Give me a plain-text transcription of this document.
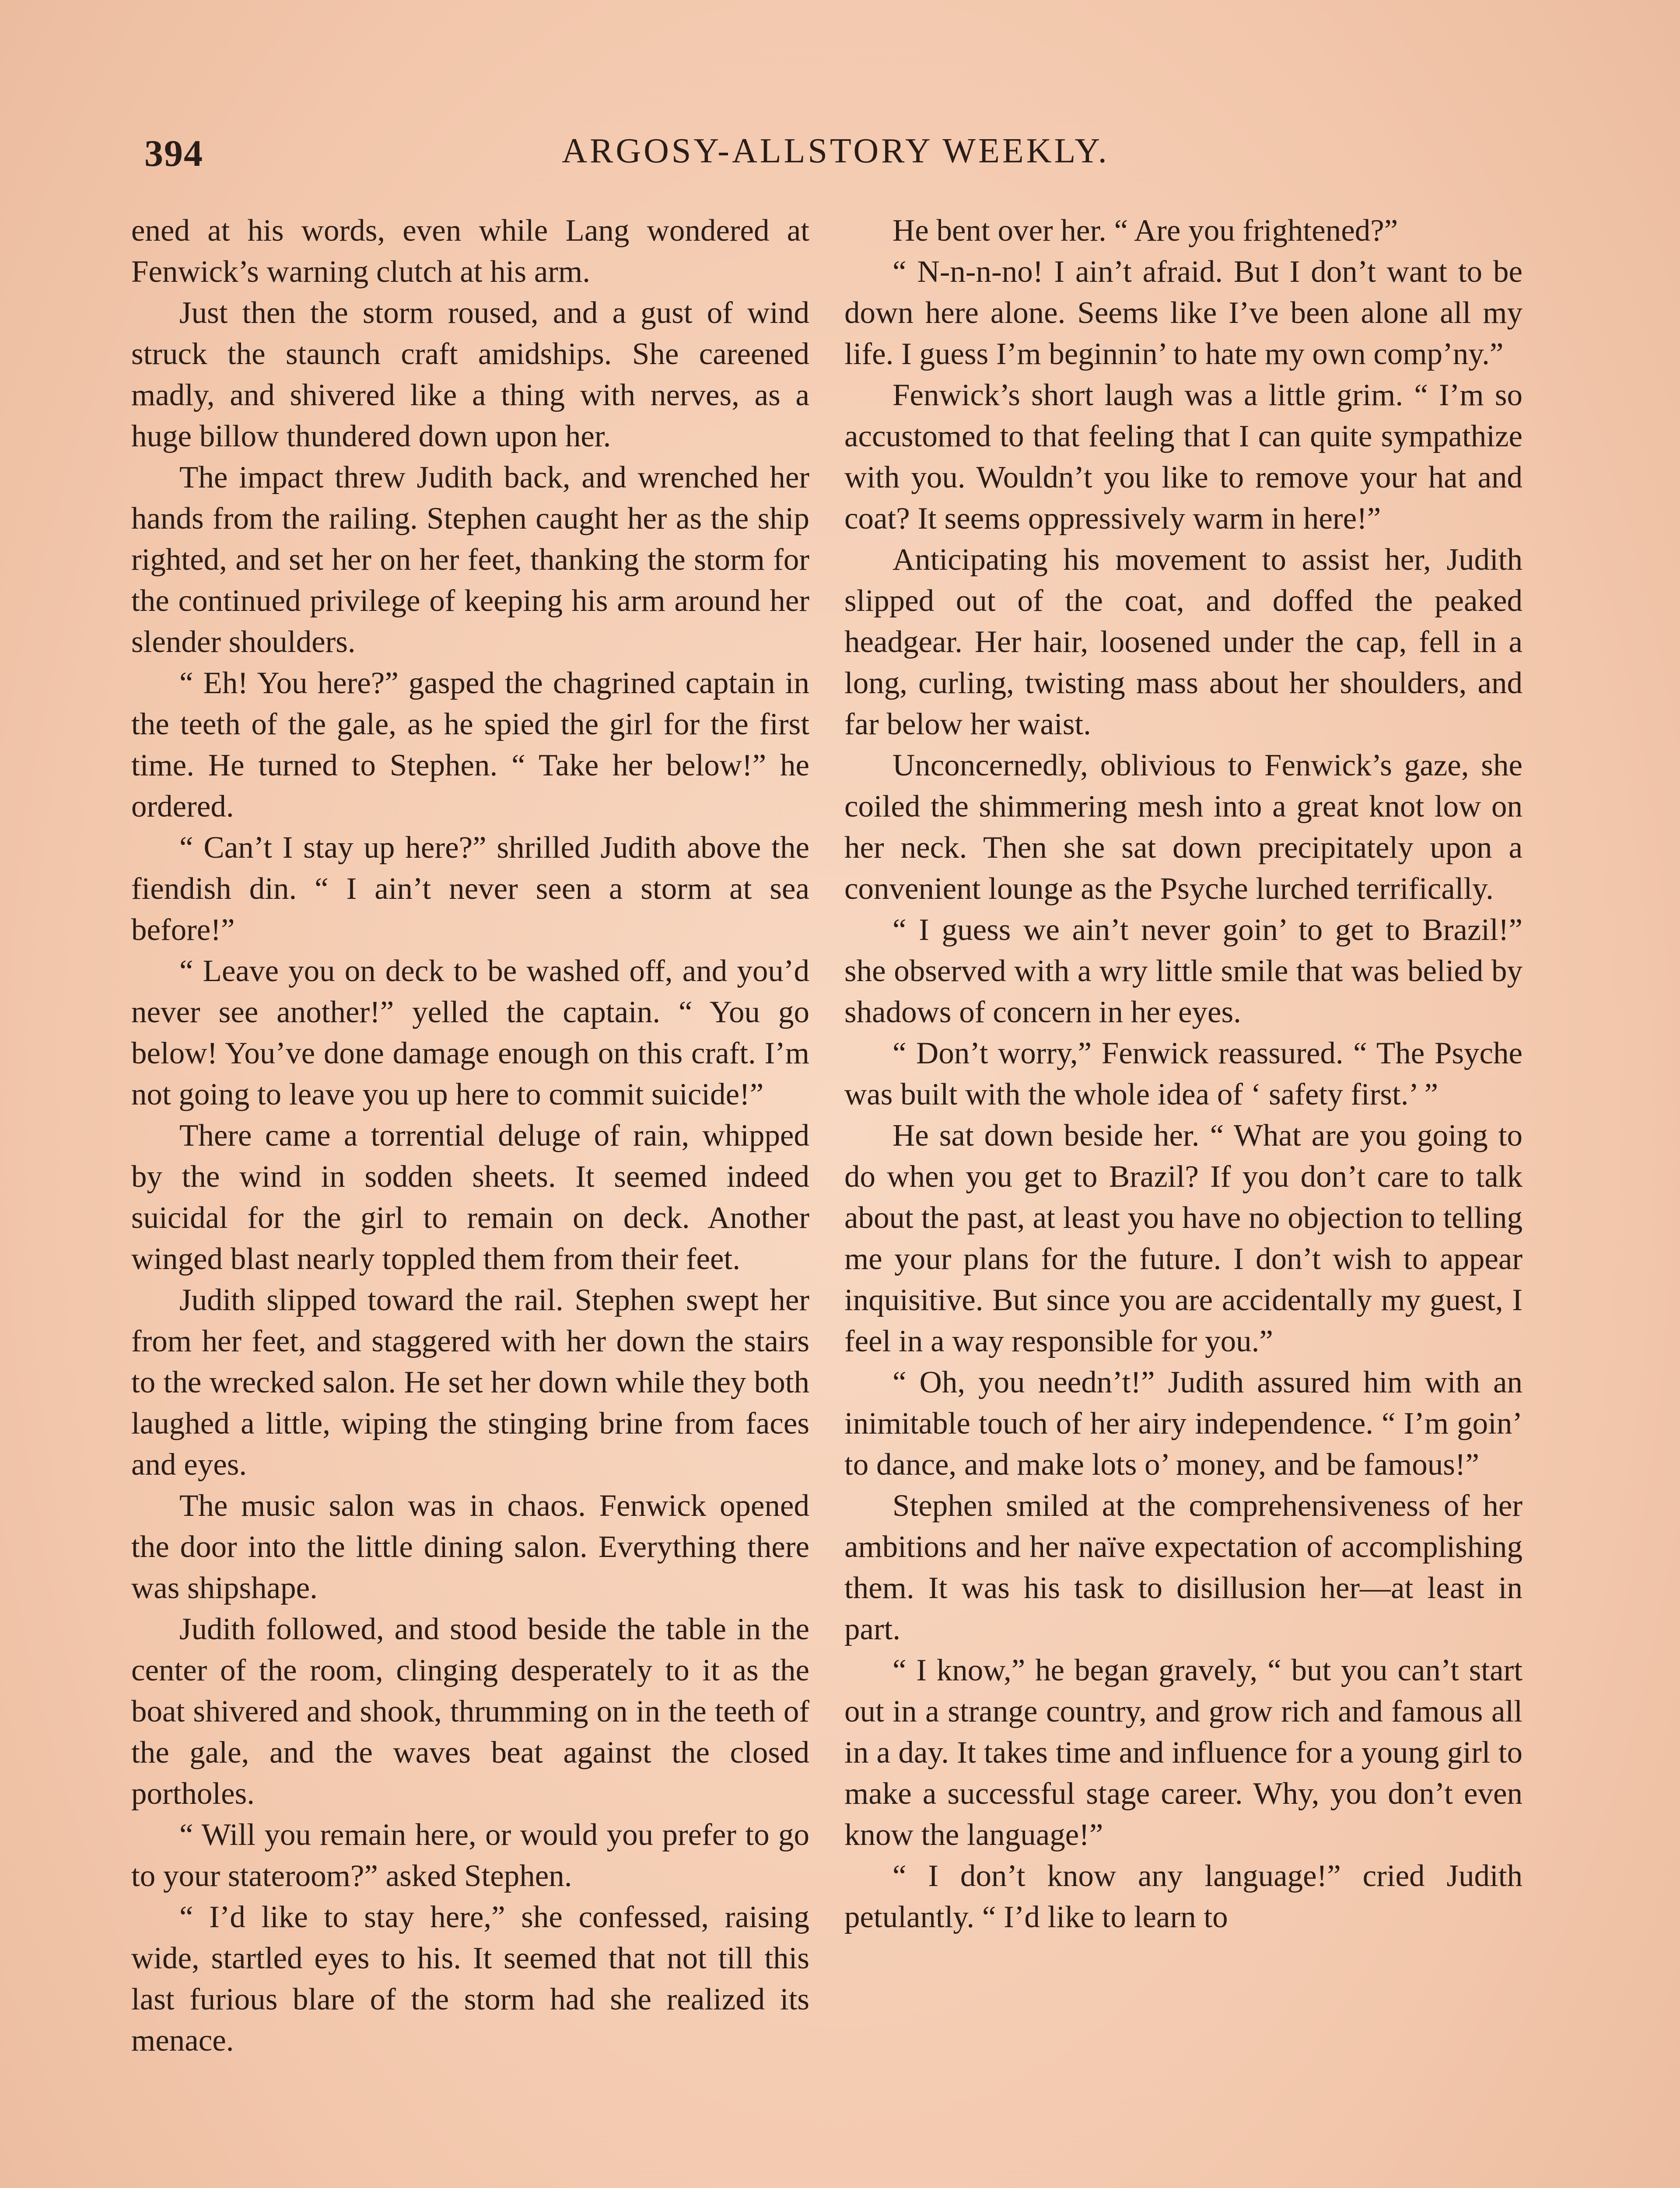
394	ARGOSY-ALLSTORY WEEKLY.

ened at his words, even while Lang wondered at Fenwick’s warning clutch at his arm.

Just then the storm roused, and a gust of wind struck the staunch craft amidships. She careened madly, and shivered like a thing with nerves, as a huge billow thundered down upon her.

The impact threw Judith back, and wrenched her hands from the railing. Stephen caught her as the ship righted, and set her on her feet, thanking the storm for the continued privilege of keeping his arm around her slender shoulders.

“ Eh! You here?” gasped the chagrined captain in the teeth of the gale, as he spied the girl for the first time. He turned to Stephen. “ Take her below!” he ordered.

“ Can’t I stay up here?” shrilled Judith above the fiendish din. “ I ain’t never seen a storm at sea before!”

“ Leave you on deck to be washed off, and you’d never see another!” yelled the captain. “ You go below! You’ve done damage enough on this craft. I’m not going to leave you up here to commit suicide!”

There came a torrential deluge of rain, whipped by the wind in sodden sheets. It seemed indeed suicidal for the girl to remain on deck. Another winged blast nearly toppled them from their feet.

Judith slipped toward the rail. Stephen swept her from her feet, and staggered with her down the stairs to the wrecked salon. He set her down while they both laughed a little, wiping the stinging brine from faces and eyes.

The music salon was in chaos. Fenwick opened the door into the little dining salon. Everything there was shipshape.

Judith followed, and stood beside the table in the center of the room, clinging desperately to it as the boat shivered and shook, thrumming on in the teeth of the gale, and the waves beat against the closed portholes.

“ Will you remain here, or would you prefer to go to your stateroom?” asked Stephen.

“ I’d like to stay here,” she confessed, raising wide, startled eyes to his. It seemed that not till this last furious blare of the storm had she realized its menace.

He bent over her. “ Are you frightened?”

“ N-n-n-no! I ain’t afraid. But I don’t want to be down here alone. Seems like I’ve been alone all my life. I guess I’m beginnin’ to hate my own comp’ny.”

Fenwick’s short laugh was a little grim. “ I’m so accustomed to that feeling that I can quite sympathize with you. Wouldn’t you like to remove your hat and coat? It seems oppressively warm in here!”

Anticipating his movement to assist her, Judith slipped out of the coat, and doffed the peaked headgear. Her hair, loosened under the cap, fell in a long, curling, twisting mass about her shoulders, and far below her waist.

Unconcernedly, oblivious to Fenwick’s gaze, she coiled the shimmering mesh into a great knot low on her neck. Then she sat down precipitately upon a convenient lounge as the Psyche lurched terrifically.

“ I guess we ain’t never goin’ to get to Brazil!” she observed with a wry little smile that was belied by shadows of concern in her eyes.

“ Don’t worry,” Fenwick reassured. “ The Psyche was built with the whole idea of ‘ safety first.’ ”

He sat down beside her. “ What are you going to do when you get to Brazil? If you don’t care to talk about the past, at least you have no objection to telling me your plans for the future. I don’t wish to appear inquisitive. But since you are accidentally my guest, I feel in a way responsible for you.”

“ Oh, you needn’t!” Judith assured him with an inimitable touch of her airy independence. “ I’m goin’ to dance, and make lots o’ money, and be famous!”

Stephen smiled at the comprehensiveness of her ambitions and her naïve expectation of accomplishing them. It was his task to disillusion her—at least in part.

“ I know,” he began gravely, “ but you can’t start out in a strange country, and grow rich and famous all in a day. It takes time and influence for a young girl to make a successful stage career. Why, you don’t even know the language!”

“ I don’t know any language!” cried Judith petulantly. “ I’d like to learn to
